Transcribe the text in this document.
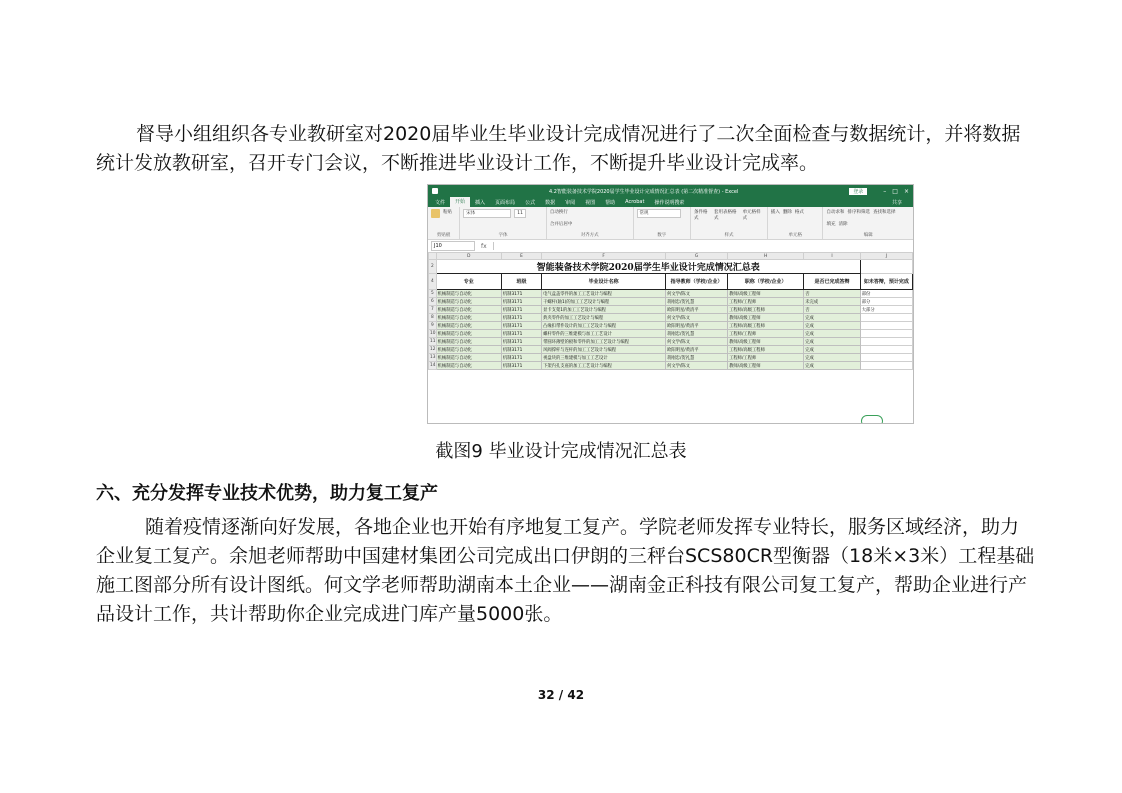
督导小组组织各专业教研室对2020届毕业生毕业设计完成情况进行了二次全面检查与数据统计，并将数据统计发放教研室，召开专门会议，不断推进毕业设计工作，不断提升毕业设计完成率。

4.2智能装备技术学院2020届学生毕业设计完成情况汇总表 (第二次精准督查) - Excel	登录	– □ ×
文件	开始	插入	页面布局	公式	数据	审阅	视图	帮助	Acrobat	操作说明搜索	共享
粘贴
剪贴板
宋体	11
字体
自动换行
合并后居中
对齐方式
常规
数字
条件格式
套用表格格式
单元格样式
样式
插入 删除 格式
单元格
自动求和 排序和筛选 查找和选择
填充 清除
编辑
J10	fx
	D	E	F	G	H	I	J
2	智能装备技术学院2020届学生毕业设计完成情况汇总表						
4	专业	班级	毕业设计名称	指导教师（学校/企业）	职称（学校/企业）	是否已完成答辩	如未答辩，预计完成
5	机械制造与自动化	机制3171	电气盒盖零件的加工工艺设计与编程	何文学/陈文	教师/高级工程师	否	部份
6	机械制造与自动化	机制3171	干螺杆(轴1)的加工工艺设计与编程	蒋刚忠/贺礼慧	工程师/工程师	未完成	部分
7	机械制造与自动化	机制3171	显卡支架1的加工工艺设计与编程	欧阳明星/黄清平	工程师/高级工程师	否	大部分
8	机械制造与自动化	机制3171	典夹零件的加工工艺设计与编程	何文学/陈文	教师/高级工程师	完成	
9	机械制造与自动化	机制3171	凸缘扣带件设计的加工工艺设计与编程	欧阳明星/黄清平	工程师/高级工程师	完成	
10	机械制造与自动化	机制3171	螺杆零件的三维建模与加工工艺设计	蒋刚忠/贺礼慧	工程师/工程师	完成	
11	机械制造与自动化	机制3171	带圆环薄壁的板和零件的加工工艺设计与编程	何文学/陈文	教师/高级工程师	完成	
12	机械制造与自动化	机制3171	风阀撑杆与连杆的加工工艺设计与编程	欧阳明星/黄清平	工程师/高级工程师	完成	
13	机械制造与自动化	机制3171	视盘块的三维建模与加工工艺设计	蒋刚忠/贺礼慧	工程师/工程师	完成	
14	机械制造与自动化	机制3171	下架内孔支座的加工工艺设计与编程	何文学/陈文	教师/高级工程师	完成	
截图9 毕业设计完成情况汇总表
六、充分发挥专业技术优势，助力复工复产

随着疫情逐渐向好发展，各地企业也开始有序地复工复产。学院老师发挥专业特长，服务区域经济，助力企业复工复产。余旭老师帮助中国建材集团公司完成出口伊朗的三秤台SCS80CR型衡器（18米×3米）工程基础施工图部分所有设计图纸。何文学老师帮助湖南本土企业——湖南金正科技有限公司复工复产，帮助企业进行产品设计工作，共计帮助你企业完成进门库产量5000张。

32 / 42
